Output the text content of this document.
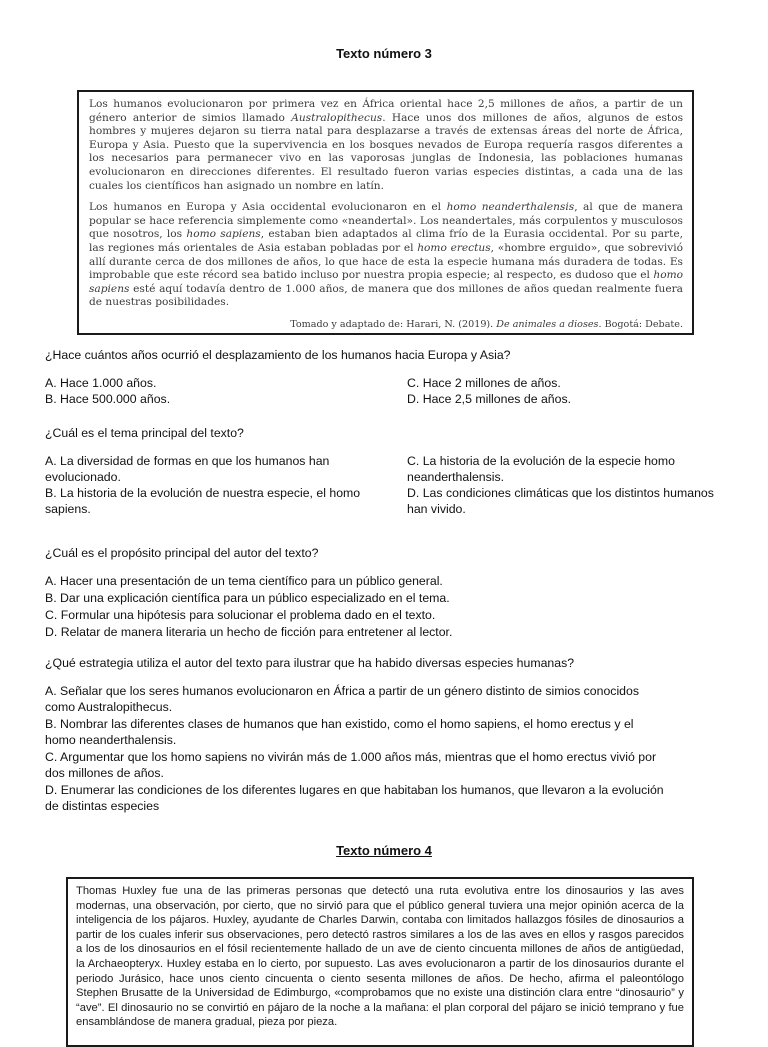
Texto número 3

Los humanos evolucionaron por primera vez en África oriental hace 2,5 millones de años, a partir de un género anterior de simios llamado Australopithecus. Hace unos dos millones de años, algunos de estos hombres y mujeres dejaron su tierra natal para desplazarse a través de extensas áreas del norte de África, Europa y Asia. Puesto que la supervivencia en los bosques nevados de Europa requería rasgos diferentes a los necesarios para permanecer vivo en las vaporosas junglas de Indonesia, las poblaciones humanas evolucionaron en direcciones diferentes. El resultado fueron varias especies distintas, a cada una de las cuales los científicos han asignado un nombre en latín.

Los humanos en Europa y Asia occidental evolucionaron en el homo neanderthalensis, al que de manera popular se hace referencia simplemente como «neandertal». Los neandertales, más corpulentos y musculosos que nosotros, los homo sapiens, estaban bien adaptados al clima frío de la Eurasia occidental. Por su parte, las regiones más orientales de Asia estaban pobladas por el homo erectus, «hombre erguido», que sobrevivió allí durante cerca de dos millones de años, lo que hace de esta la especie humana más duradera de todas. Es improbable que este récord sea batido incluso por nuestra propia especie; al respecto, es dudoso que el homo sapiens esté aquí todavía dentro de 1.000 años, de manera que dos millones de años quedan realmente fuera de nuestras posibilidades.

Tomado y adaptado de: Harari, N. (2019). De animales a dioses. Bogotá: Debate.

¿Hace cuántos años ocurrió el desplazamiento de los humanos hacia Europa y Asia?
A. Hace 1.000 años.
B. Hace 500.000 años.
C. Hace 2 millones de años.
D. Hace 2,5 millones de años.
¿Cuál es el tema principal del texto?
A. La diversidad de formas en que los humanos han evolucionado.
B. La historia de la evolución de nuestra especie, el homo sapiens.
C. La historia de la evolución de la especie homo neanderthalensis.
D. Las condiciones climáticas que los distintos humanos han vivido.
¿Cuál es el propósito principal del autor del texto?
A. Hacer una presentación de un tema científico para un público general.
B. Dar una explicación científica para un público especializado en el tema.
C. Formular una hipótesis para solucionar el problema dado en el texto.
D. Relatar de manera literaria un hecho de ficción para entretener al lector.
¿Qué estrategia utiliza el autor del texto para ilustrar que ha habido diversas especies humanas?
A. Señalar que los seres humanos evolucionaron en África a partir de un género distinto de simios conocidos como Australopithecus.
B. Nombrar las diferentes clases de humanos que han existido, como el homo sapiens, el homo erectus y el homo neanderthalensis.
C. Argumentar que los homo sapiens no vivirán más de 1.000 años más, mientras que el homo erectus vivió por dos millones de años.
D. Enumerar las condiciones de los diferentes lugares en que habitaban los humanos, que llevaron a la evolución de distintas especies
Texto número 4

Thomas Huxley fue una de las primeras personas que detectó una ruta evolutiva entre los dinosaurios y las aves modernas, una observación, por cierto, que no sirvió para que el público general tuviera una mejor opinión acerca de la inteligencia de los pájaros. Huxley, ayudante de Charles Darwin, contaba con limitados hallazgos fósiles de dinosaurios a partir de los cuales inferir sus observaciones, pero detectó rastros similares a los de las aves en ellos y rasgos parecidos a los de los dinosaurios en el fósil recientemente hallado de un ave de ciento cincuenta millones de años de antigüedad, la Archaeopteryx. Huxley estaba en lo cierto, por supuesto. Las aves evolucionaron a partir de los dinosaurios durante el periodo Jurásico, hace unos ciento cincuenta o ciento sesenta millones de años. De hecho, afirma el paleontólogo Stephen Brusatte de la Universidad de Edimburgo, «comprobamos que no existe una distinción clara entre “dinosaurio” y “ave”. El dinosaurio no se convirtió en pájaro de la noche a la mañana: el plan corporal del pájaro se inició temprano y fue ensamblándose de manera gradual, pieza por pieza.
